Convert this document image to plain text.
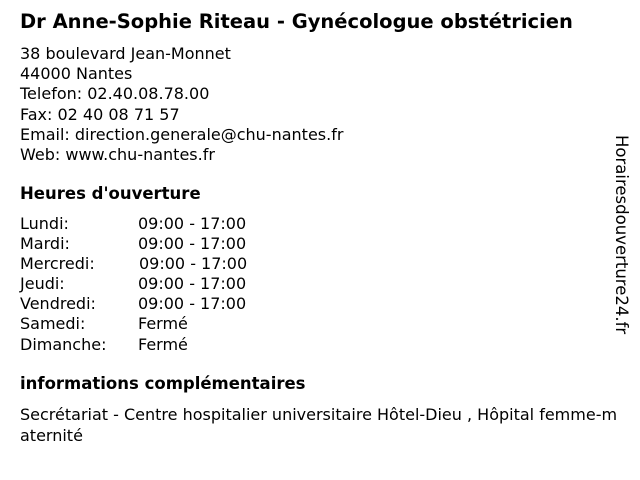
Dr Anne-Sophie Riteau - Gynécologue obstétricien
38 boulevard Jean-Monnet
44000 Nantes
Telefon: 02.40.08.78.00
Fax: 02 40 08 71 57
Email: direction.generale@chu-nantes.fr
Web: www.chu-nantes.fr
Heures d'ouverture
Lundi:	09:00 - 17:00
Mardi:	09:00 - 17:00
Mercredi:	09:00 - 17:00
Jeudi:	09:00 - 17:00
Vendredi:	09:00 - 17:00
Samedi:	Fermé
Dimanche: Fermé
informations complémentaires
Secrétariat - Centre hospitalier universitaire Hôtel-Dieu , Hôpital femme-maternité
Horairesdouverture24.fr
